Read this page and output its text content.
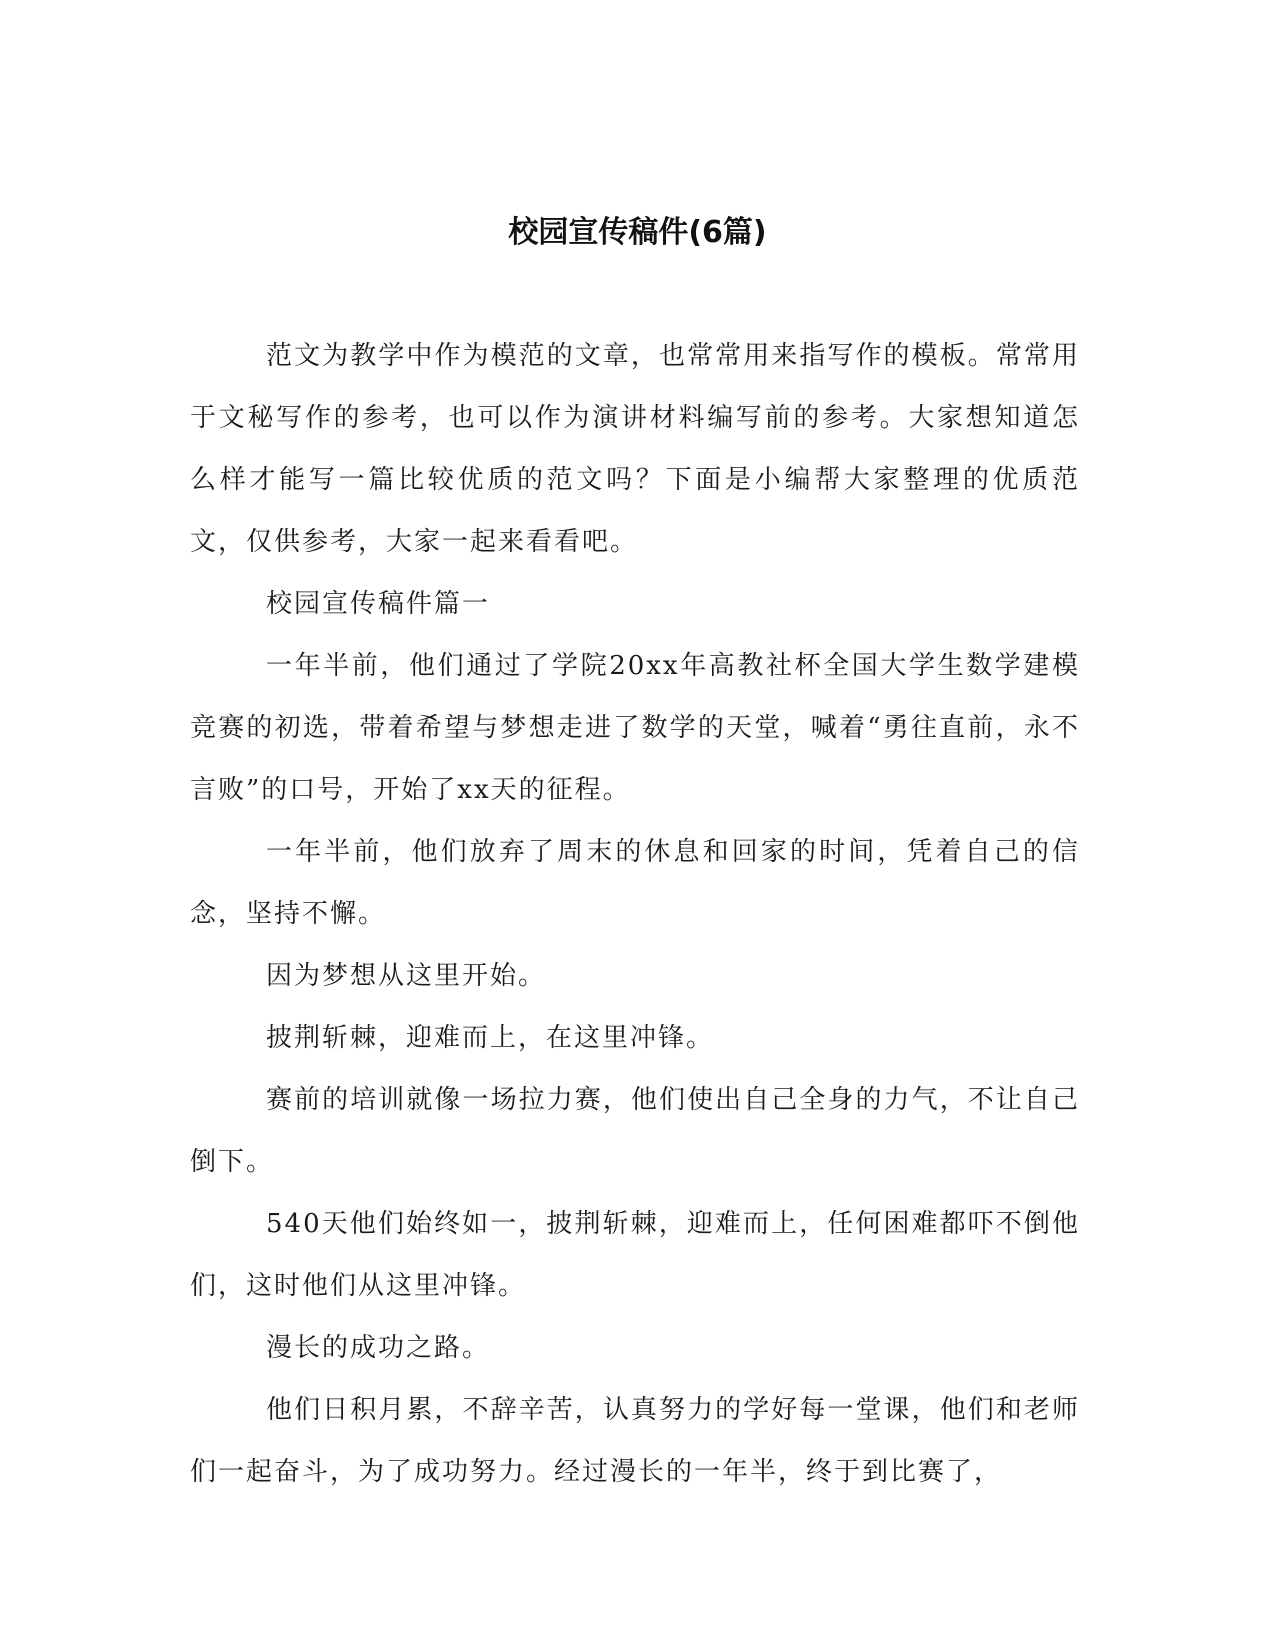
校园宣传稿件(6篇)

范文为教学中作为模范的文章，也常常用来指写作的模板。常常用于文秘写作的参考，也可以作为演讲材料编写前的参考。大家想知道怎么样才能写一篇比较优质的范文吗？下面是小编帮大家整理的优质范文，仅供参考，大家一起来看看吧。

校园宣传稿件篇一

一年半前，他们通过了学院20xx年高教社杯全国大学生数学建模竞赛的初选，带着希望与梦想走进了数学的天堂，喊着“勇往直前，永不言败”的口号，开始了xx天的征程。

一年半前，他们放弃了周末的休息和回家的时间，凭着自己的信念，坚持不懈。

因为梦想从这里开始。

披荆斩棘，迎难而上，在这里冲锋。

赛前的培训就像一场拉力赛，他们使出自己全身的力气，不让自己倒下。

540天他们始终如一，披荆斩棘，迎难而上，任何困难都吓不倒他们，这时他们从这里冲锋。

漫长的成功之路。

他们日积月累，不辞辛苦，认真努力的学好每一堂课，他们和老师们一起奋斗，为了成功努力。经过漫长的一年半，终于到比赛了，
